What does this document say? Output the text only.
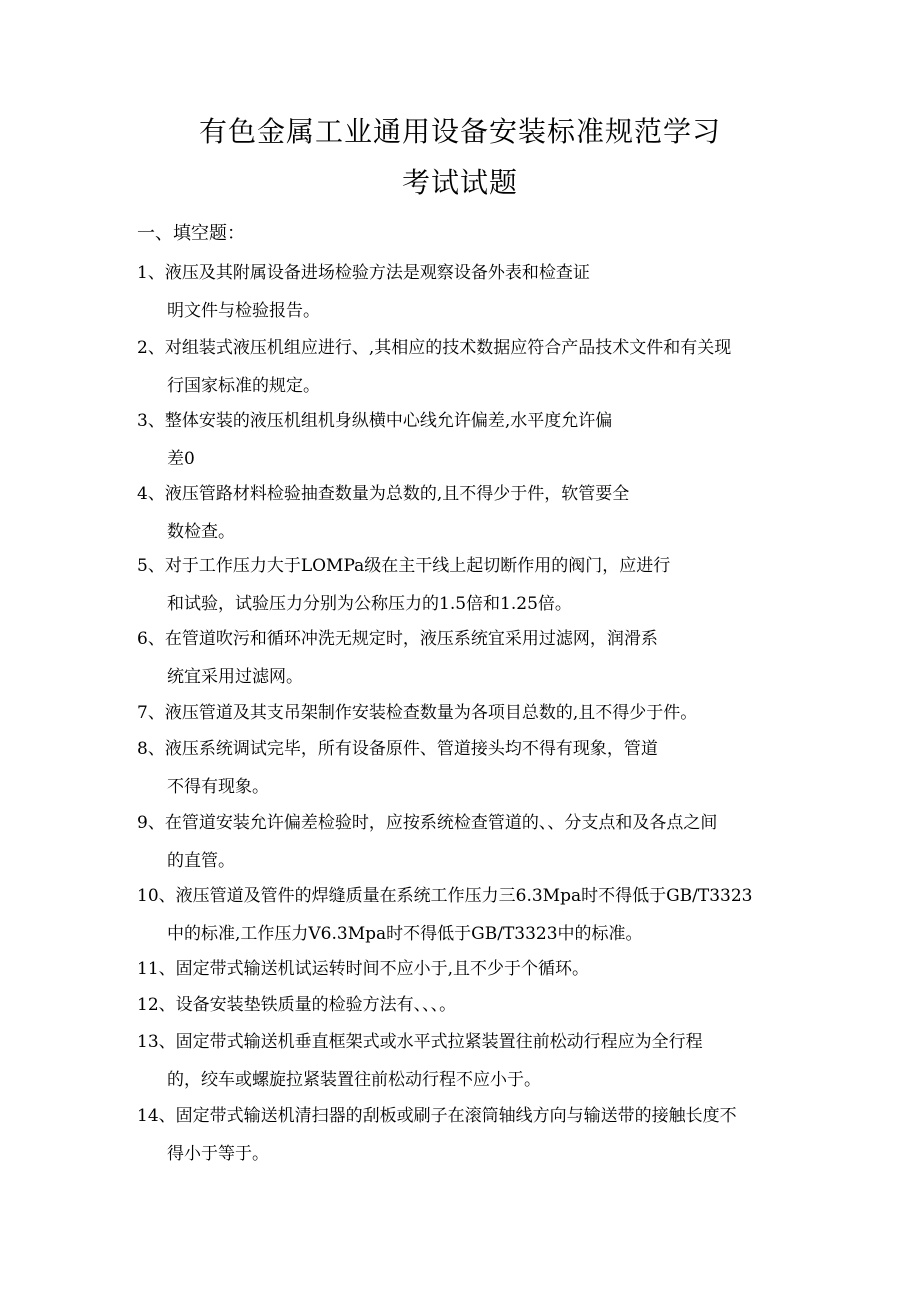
有色金属工业通用设备安装标准规范学习
考试试题
一、填空题：
1、液压及其附属设备进场检验方法是观察设备外表和检查证
明文件与检验报告。
2、对组装式液压机组应进行、,其相应的技术数据应符合产品技术文件和有关现
行国家标准的规定。
3、整体安装的液压机组机身纵横中心线允许偏差,水平度允许偏
差0
4、液压管路材料检验抽查数量为总数的,且不得少于件，软管要全
数检查。
5、对于工作压力大于LOMPa级在主干线上起切断作用的阀门，应进行
和试验，试验压力分别为公称压力的1.5倍和1.25倍。
6、在管道吹污和循环冲洗无规定时，液压系统宜采用过滤网，润滑系
统宜采用过滤网。
7、液压管道及其支吊架制作安装检查数量为各项目总数的,且不得少于件。
8、液压系统调试完毕，所有设备原件、管道接头均不得有现象，管道
不得有现象。
9、在管道安装允许偏差检验时，应按系统检查管道的、、分支点和及各点之间
的直管。
10、液压管道及管件的焊缝质量在系统工作压力三6.3Mpa时不得低于GB/T3323
中的标准,工作压力V6.3Mpa时不得低于GB/T3323中的标准。
11、固定带式输送机试运转时间不应小于,且不少于个循环。
12、设备安装垫铁质量的检验方法有、、、。
13、固定带式输送机垂直框架式或水平式拉紧装置往前松动行程应为全行程
的，绞车或螺旋拉紧装置往前松动行程不应小于。
14、固定带式输送机清扫器的刮板或刷子在滚筒轴线方向与输送带的接触长度不
得小于等于。
